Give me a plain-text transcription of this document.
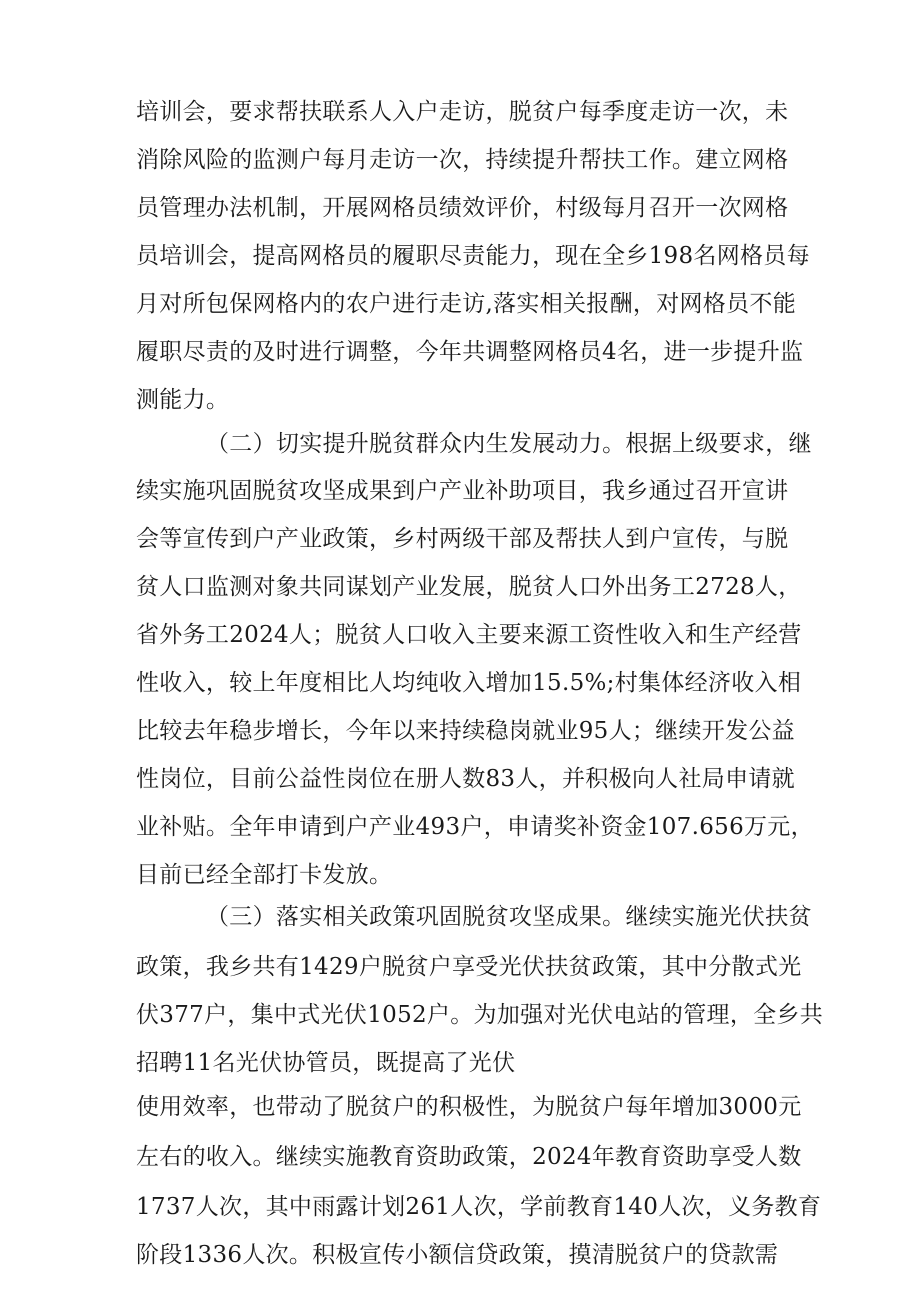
培训会，要求帮扶联系人入户走访，脱贫户每季度走访一次，未
消除风险的监测户每月走访一次，持续提升帮扶工作。建立网格
员管理办法机制，开展网格员绩效评价，村级每月召开一次网格
员培训会，提高网格员的履职尽责能力，现在全乡198名网格员每
月对所包保网格内的农户进行走访,落实相关报酬，对网格员不能
履职尽责的及时进行调整，今年共调整网格员4名，进一步提升监
测能力。
（二）切实提升脱贫群众内生发展动力。根据上级要求，继
续实施巩固脱贫攻坚成果到户产业补助项目，我乡通过召开宣讲
会等宣传到户产业政策，乡村两级干部及帮扶人到户宣传，与脱
贫人口监测对象共同谋划产业发展，脱贫人口外出务工2728人，
省外务工2024人；脱贫人口收入主要来源工资性收入和生产经营
性收入，较上年度相比人均纯收入增加15.5%;村集体经济收入相
比较去年稳步增长，今年以来持续稳岗就业95人；继续开发公益
性岗位，目前公益性岗位在册人数83人，并积极向人社局申请就
业补贴。全年申请到户产业493户，申请奖补资金107.656万元，
目前已经全部打卡发放。
（三）落实相关政策巩固脱贫攻坚成果。继续实施光伏扶贫
政策，我乡共有1429户脱贫户享受光伏扶贫政策，其中分散式光
伏377户，集中式光伏1052户。为加强对光伏电站的管理，全乡共
招聘11名光伏协管员，既提高了光伏
使用效率，也带动了脱贫户的积极性，为脱贫户每年增加3000元
左右的收入。继续实施教育资助政策，2024年教育资助享受人数
1737人次，其中雨露计划261人次，学前教育140人次，义务教育
阶段1336人次。积极宣传小额信贷政策，摸清脱贫户的贷款需
